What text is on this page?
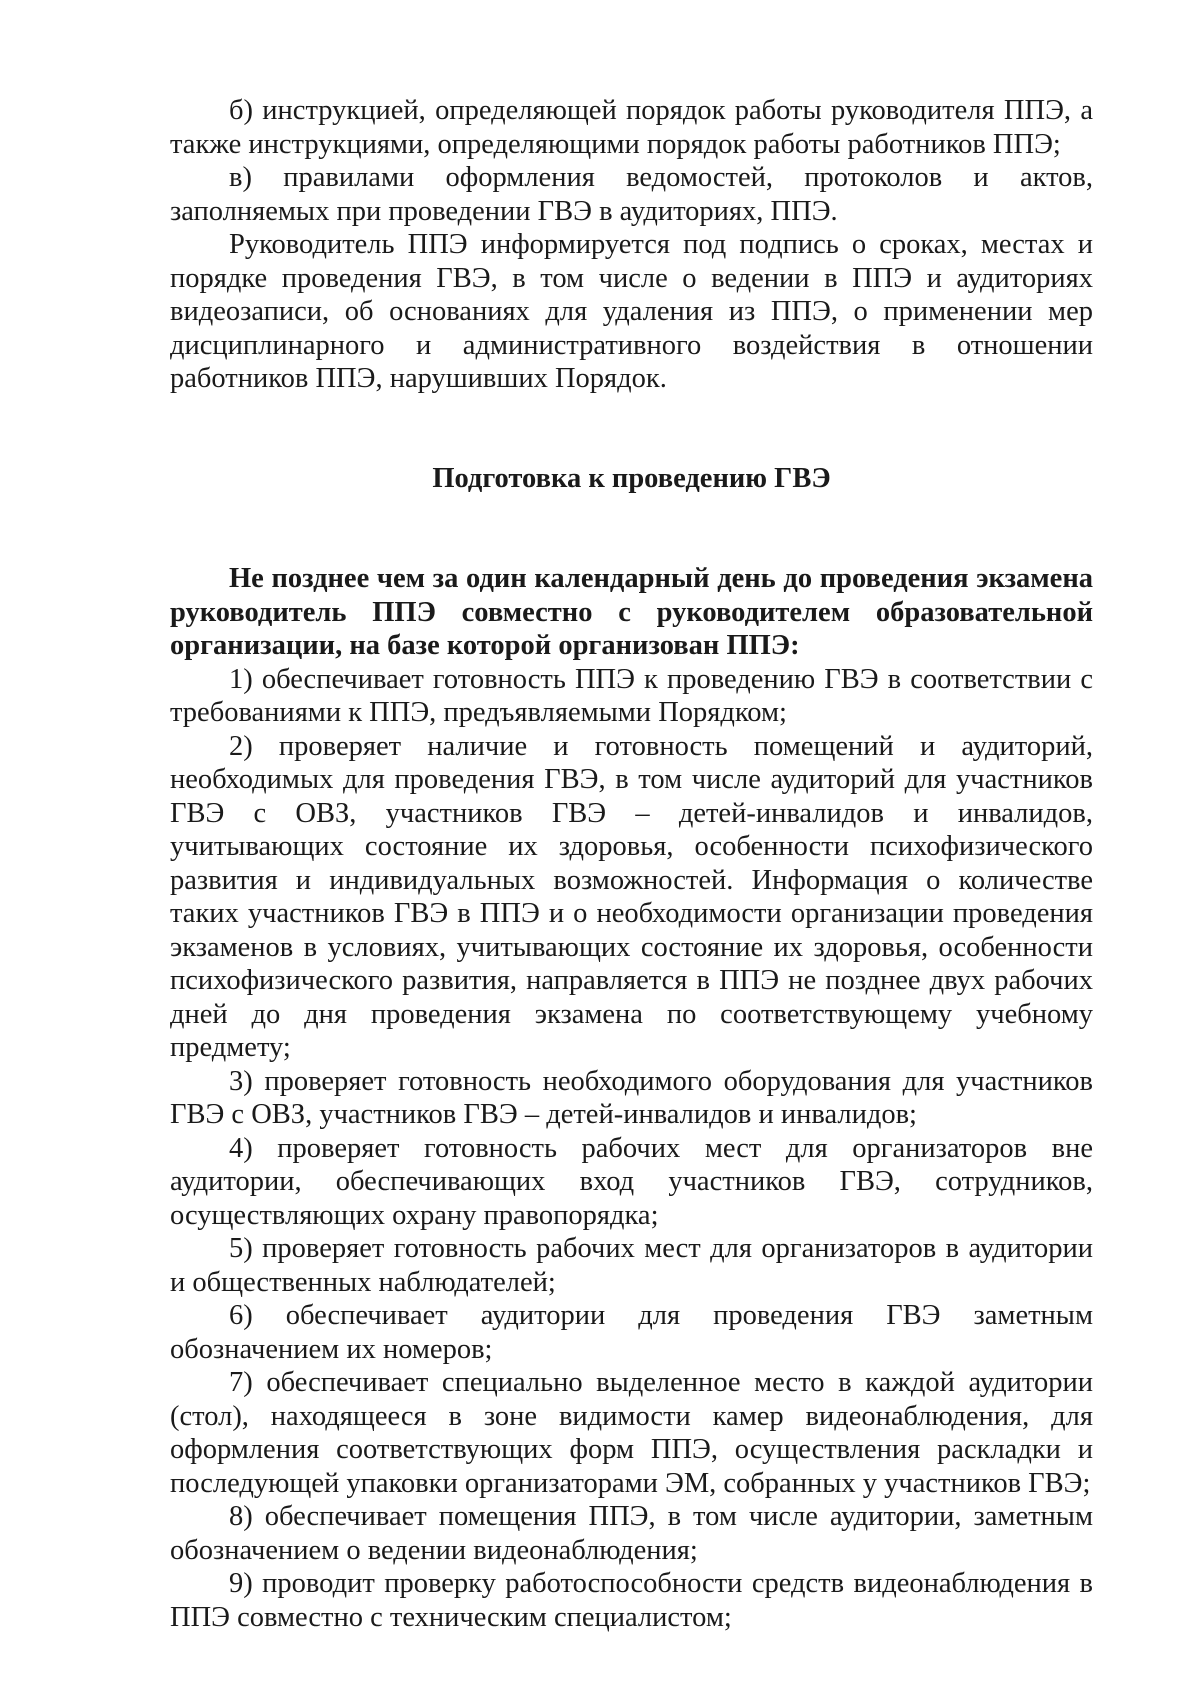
б) инструкцией, определяющей порядок работы руководителя ППЭ, а также инструкциями, определяющими порядок работы работников ППЭ;

в) правилами оформления ведомостей, протоколов и актов, заполняемых при проведении ГВЭ в аудиториях, ППЭ.

Руководитель ППЭ информируется под подпись о сроках, местах и порядке проведения ГВЭ, в том числе о ведении в ППЭ и аудиториях видеозаписи, об основаниях для удаления из ППЭ, о применении мер дисциплинарного и административного воздействия в отношении работников ППЭ, нарушивших Порядок.

Подготовка к проведению ГВЭ

Не позднее чем за один календарный день до проведения экзамена руководитель ППЭ совместно с руководителем образовательной организации, на базе которой организован ППЭ:

1) обеспечивает готовность ППЭ к проведению ГВЭ в соответствии с требованиями к ППЭ, предъявляемыми Порядком;

2) проверяет наличие и готовность помещений и аудиторий, необходимых для проведения ГВЭ, в том числе аудиторий для участников ГВЭ с ОВЗ, участников ГВЭ – детей-инвалидов и инвалидов, учитывающих состояние их здоровья, особенности психофизического развития и индивидуальных возможностей. Информация о количестве таких участников ГВЭ в ППЭ и о необходимости организации проведения экзаменов в условиях, учитывающих состояние их здоровья, особенности психофизического развития, направляется в ППЭ не позднее двух рабочих дней до дня проведения экзамена по соответствующему учебному предмету;

3) проверяет готовность необходимого оборудования для участников ГВЭ с ОВЗ, участников ГВЭ – детей-инвалидов и инвалидов;

4) проверяет готовность рабочих мест для организаторов вне аудитории, обеспечивающих вход участников ГВЭ, сотрудников, осуществляющих охрану правопорядка;

5) проверяет готовность рабочих мест для организаторов в аудитории и общественных наблюдателей;

6) обеспечивает аудитории для проведения ГВЭ заметным обозначением их номеров;

7) обеспечивает специально выделенное место в каждой аудитории (стол), находящееся в зоне видимости камер видеонаблюдения, для оформления соответствующих форм ППЭ, осуществления раскладки и последующей упаковки организаторами ЭМ, собранных у участников ГВЭ;

8) обеспечивает помещения ППЭ, в том числе аудитории, заметным обозначением о ведении видеонаблюдения;

9) проводит проверку работоспособности средств видеонаблюдения в ППЭ совместно с техническим специалистом;
